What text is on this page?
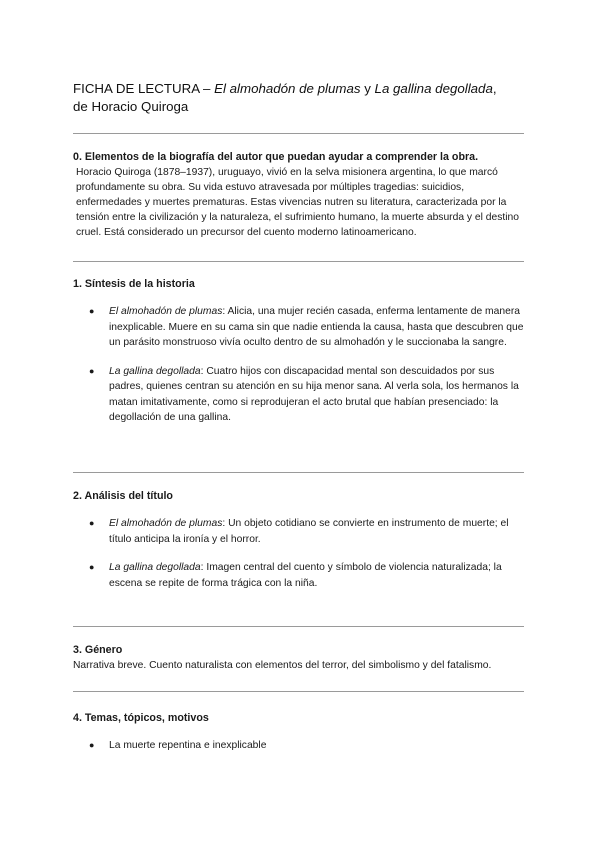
FICHA DE LECTURA – El almohadón de plumas y La gallina degollada,
de Horacio Quiroga

0. Elementos de la biografía del autor que puedan ayudar a comprender la obra.

Horacio Quiroga (1878–1937), uruguayo, vivió en la selva misionera argentina, lo que marcó profundamente su obra. Su vida estuvo atravesada por múltiples tragedias: suicidios, enfermedades y muertes prematuras. Estas vivencias nutren su literatura, caracterizada por la tensión entre la civilización y la naturaleza, el sufrimiento humano, la muerte absurda y el destino cruel. Está considerado un precursor del cuento moderno latinoamericano.

1. Síntesis de la historia

● El almohadón de plumas: Alicia, una mujer recién casada, enferma lentamente de manera inexplicable. Muere en su cama sin que nadie entienda la causa, hasta que descubren que un parásito monstruoso vivía oculto dentro de su almohadón y le succionaba la sangre.
● La gallina degollada: Cuatro hijos con discapacidad mental son descuidados por sus padres, quienes centran su atención en su hija menor sana. Al verla sola, los hermanos la matan imitativamente, como si reprodujeran el acto brutal que habían presenciado: la degollación de una gallina.

2. Análisis del título

● El almohadón de plumas: Un objeto cotidiano se convierte en instrumento de muerte; el título anticipa la ironía y el horror.
● La gallina degollada: Imagen central del cuento y símbolo de violencia naturalizada; la escena se repite de forma trágica con la niña.

3. Género

Narrativa breve. Cuento naturalista con elementos del terror, del simbolismo y del fatalismo.

4. Temas, tópicos, motivos

● La muerte repentina e inexplicable
